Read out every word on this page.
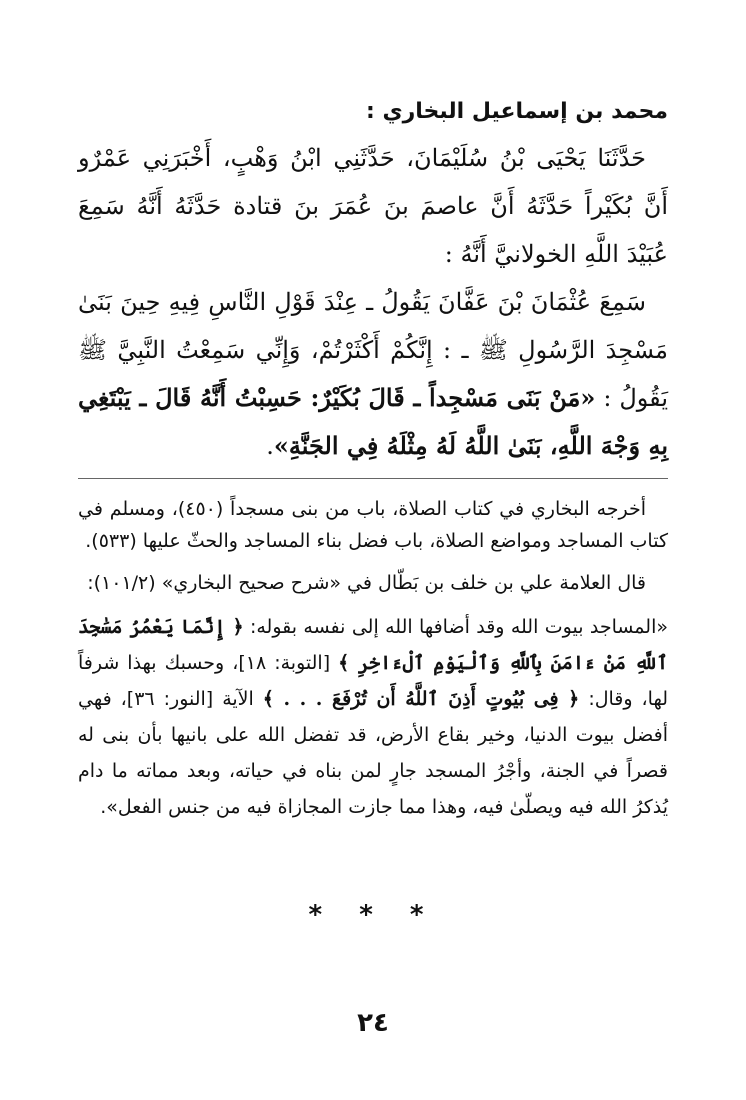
محمد بن إسماعيل البخاري :

حَدَّثَنَا يَحْيَى بْنُ سُلَيْمَانَ، حَدَّثَنِي ابْنُ وَهْبٍ، أَخْبَرَنِي عَمْرٌو أَنَّ بُكَيْراً حَدَّثَهُ أَنَّ عاصمَ بنَ عُمَرَ بنَ قتادة حَدَّثَهُ أَنَّهُ سَمِعَ عُبَيْدَ اللَّهِ الخولانيَّ أَنَّهُ :

سَمِعَ عُثْمَانَ بْنَ عَفَّانَ يَقُولُ ـ عِنْدَ قَوْلِ النَّاسِ فِيهِ حِينَ بَنَىٰ مَسْجِدَ الرَّسُولِ ﷺ ـ : إِنَّكُمْ أَكْثَرْتُمْ، وَإِنِّي سَمِعْتُ النَّبِيَّ ﷺ يَقُولُ : «مَنْ بَنَى مَسْجِداً ـ قَالَ بُكَيْرٌ: حَسِبْتُ أَنَّهُ قَالَ ـ يَبْتَغِي بِهِ وَجْهَ اللَّهِ، بَنَىٰ اللَّهُ لَهُ مِثْلَهُ فِي الجَنَّةِ».

أخرجه البخاري في كتاب الصلاة، باب من بنى مسجداً (٤٥٠)، ومسلم في كتاب المساجد ومواضع الصلاة، باب فضل بناء المساجد والحثّ عليها (٥٣٣).

قال العلامة علي بن خلف بن بَطّال في «شرح صحيح البخاري» (١٠١/٢):

«المساجد بيوت الله وقد أضافها الله إلى نفسه بقوله: ﴿ إِنَّمَا يَعْمُرُ مَسَٰجِدَ ٱللَّهِ مَنْ ءَامَنَ بِٱللَّهِ وَٱلْيَوْمِ ٱلْءَاخِرِ ﴾ [التوبة: ١٨]، وحسبك بهذا شرفاً لها، وقال: ﴿ فِى بُيُوتٍ أَذِنَ ٱللَّهُ أَن تُرْفَعَ . . . ﴾ الآية [النور: ٣٦]، فهي أفضل بيوت الدنيا، وخير بقاع الأرض، قد تفضل الله على بانيها بأن بنى له قصراً في الجنة، وأجْرُ المسجد جارٍ لمن بناه في حياته، وبعد مماته ما دام يُذكرُ الله فيه ويصلّىٰ فيه، وهذا مما جازت المجازاة فيه من جنس الفعل».

* * *
٢٤
